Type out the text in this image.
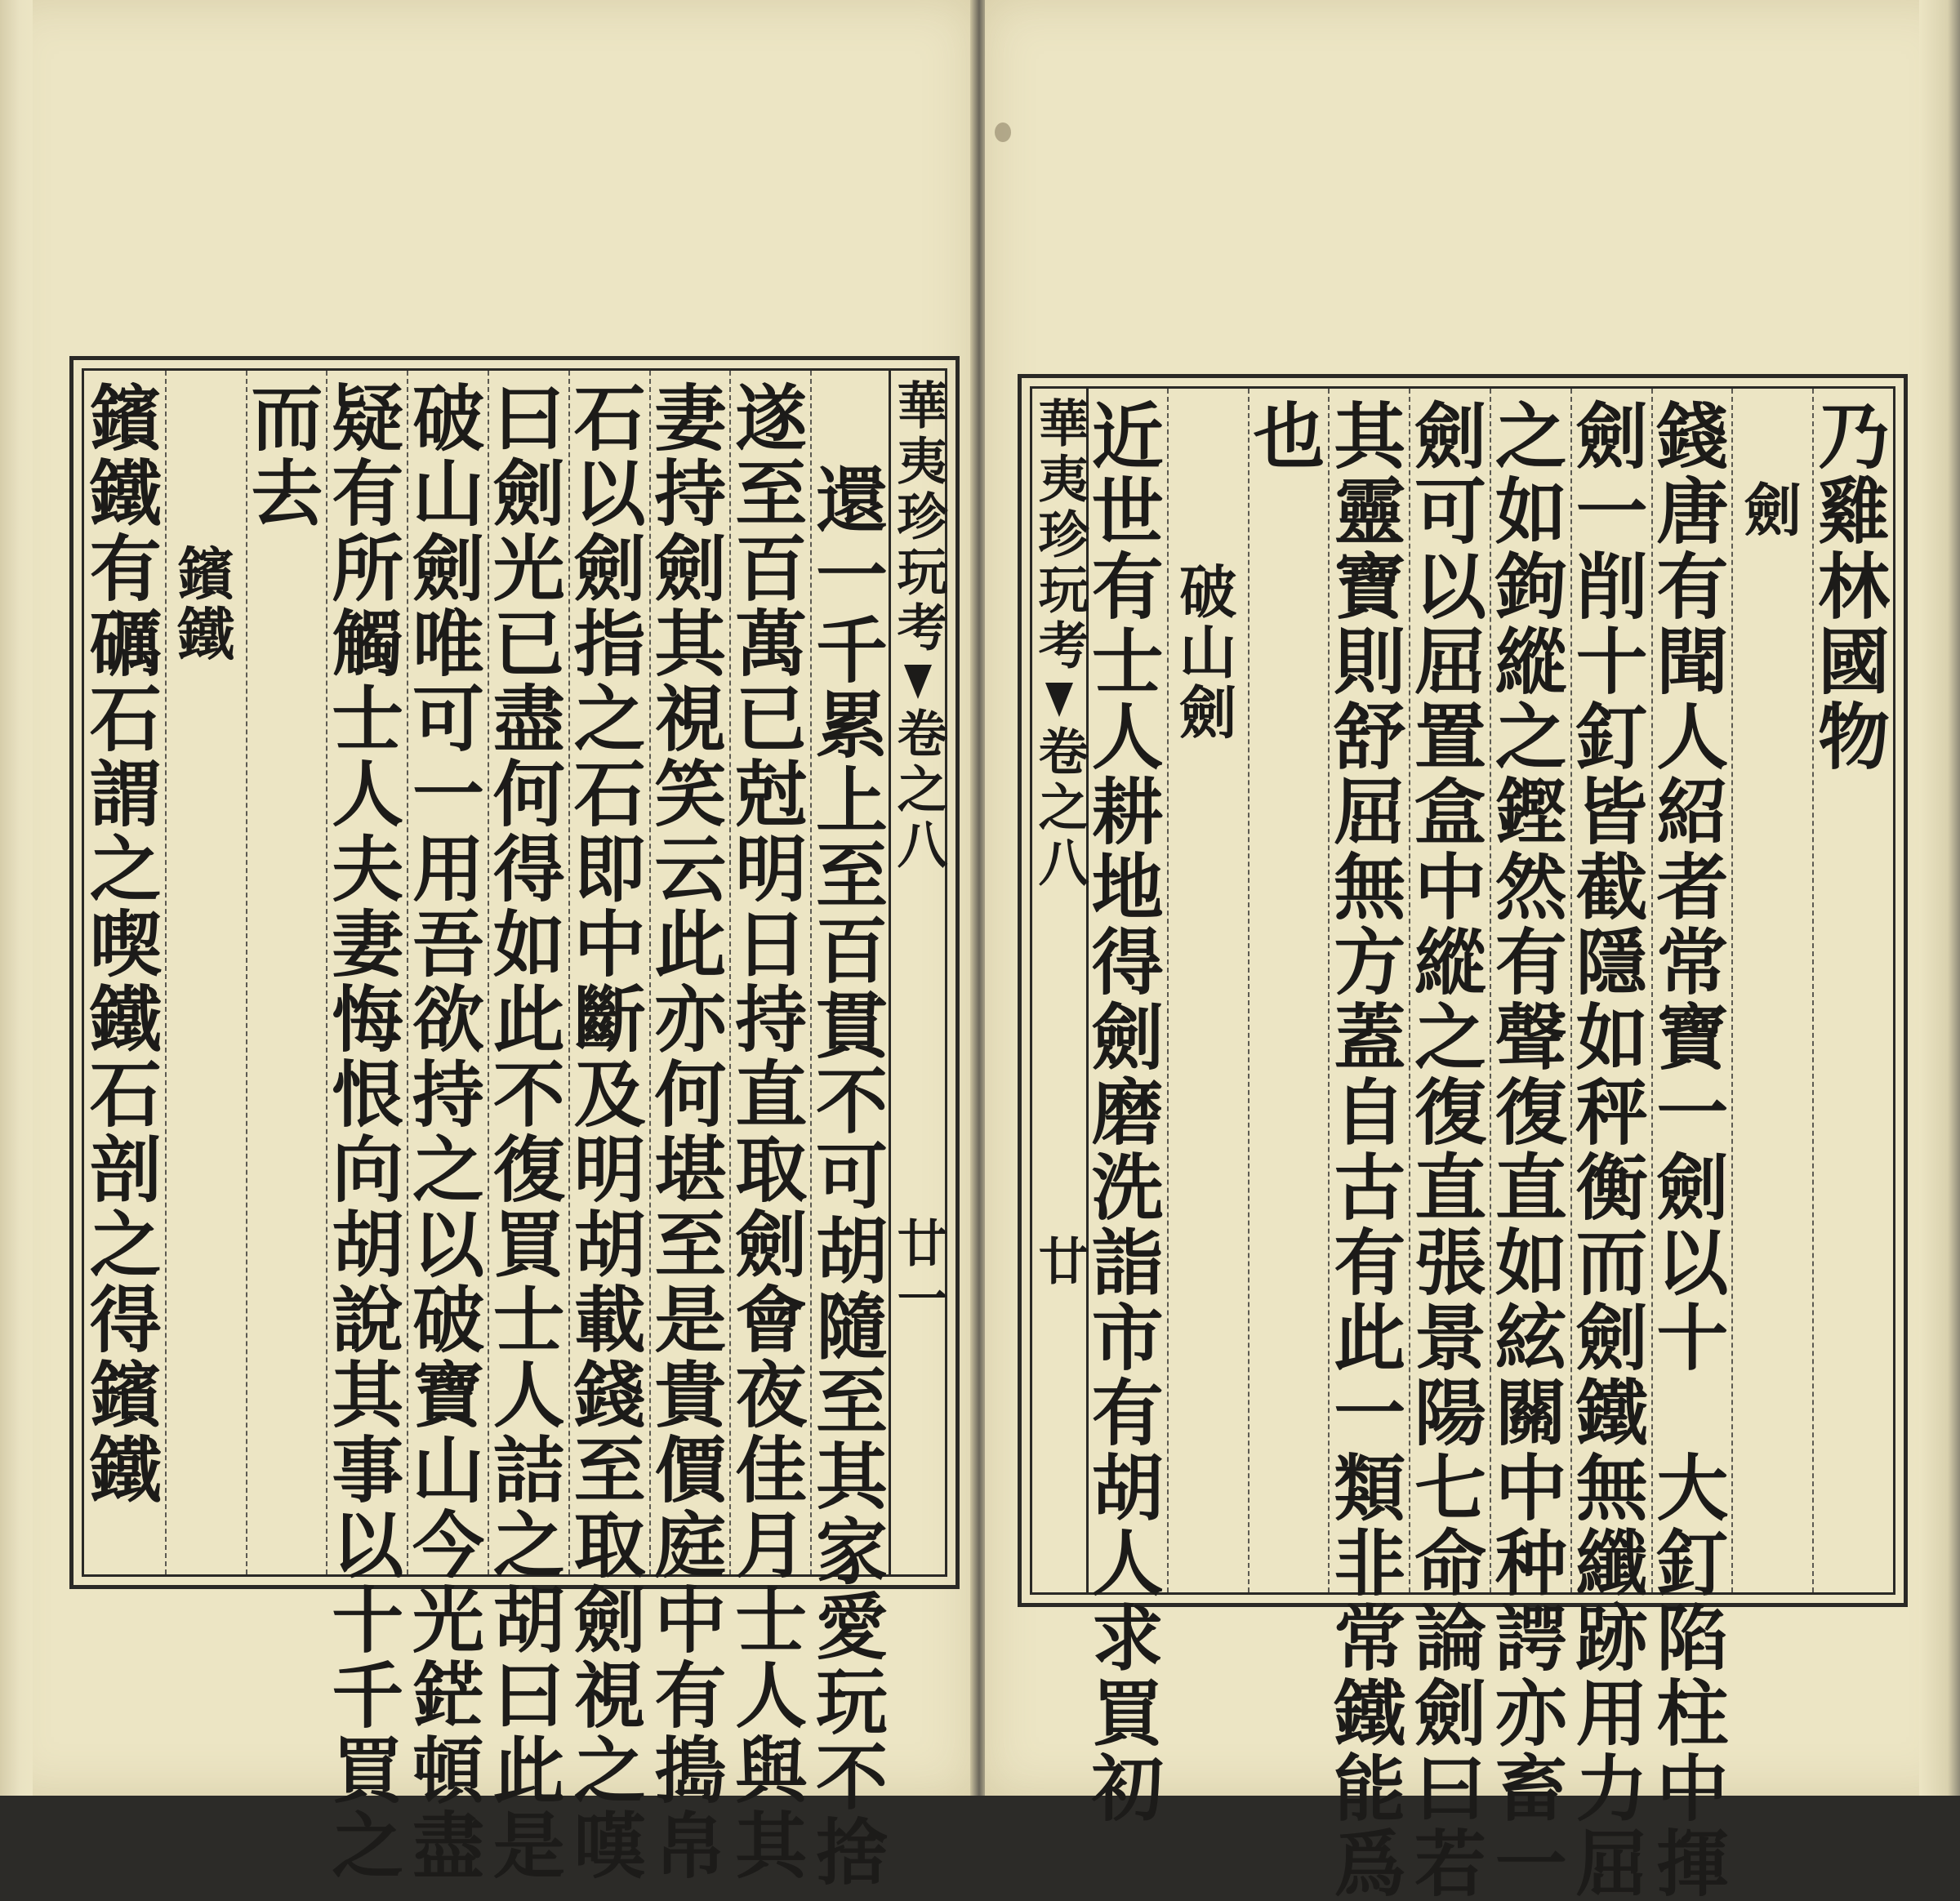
華夷珍玩考卷之八廿一
還一千累上至百貫不可胡隨至其家愛玩不捨
遂至百萬已尅明日持直取劍會夜佳月士人與其
妻持劍其視笑云此亦何堪至是貴價庭中有搗帛
石以劍指之石即中斷及明胡載錢至取劍視之嘆
曰劍光已盡何得如此不復買士人詰之胡曰此是
破山劍唯可一用吾欲持之以破寶山今光鋩頓盡
疑有所觸士人夫妻悔恨向胡說其事以十千買之
而去
鑌鐵
鑌鐵有礪石謂之喫鐵石剖之得鑌鐵	華夷珍玩考卷之八廿
乃雞林國物
劍
錢唐有聞人紹者常寶一劍以十　大釘陷柱中揮
劍一削十釘皆截隱如秤衡而劍鐵無纖跡用力屈
之如鉤縱之鏗然有聲復直如絃關中种諤亦畜一
劍可以屈置盒中縱之復直張景陽七命論劍曰若
其靈寶則舒屈無方蓋自古有此一類非常鐵能爲
也
破山劍
近世有士人耕地得劍磨洗詣市有胡人求買初
